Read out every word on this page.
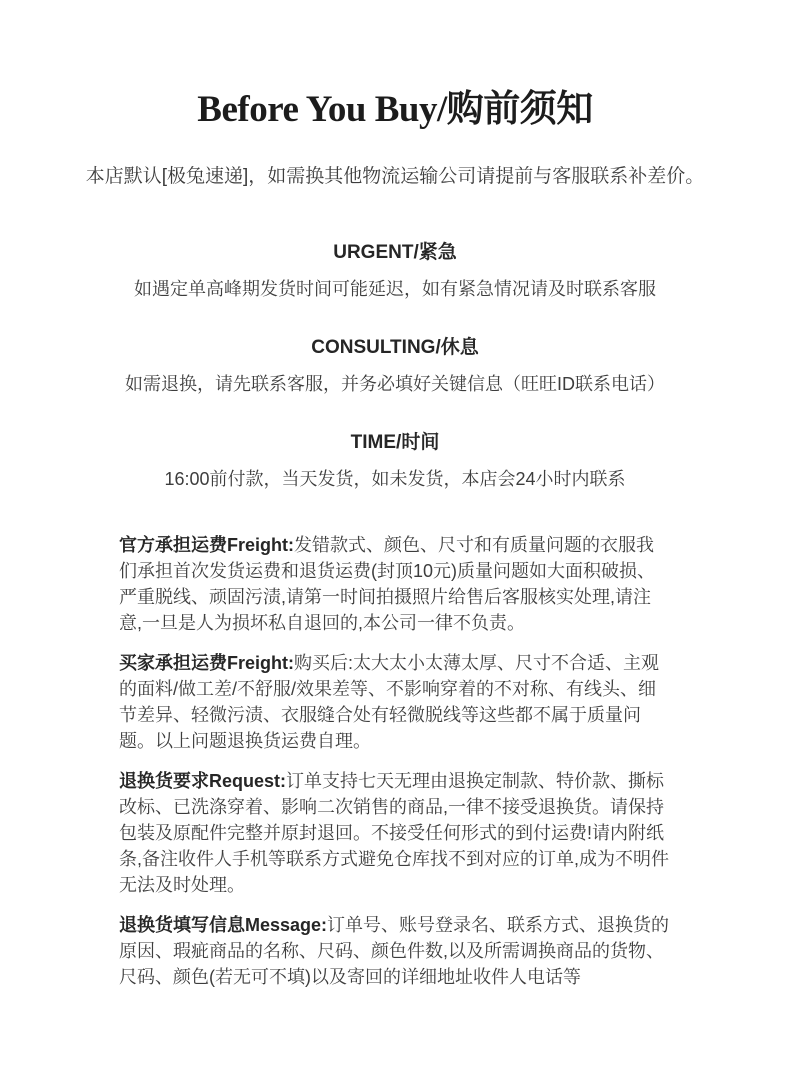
Before You Buy/购前须知

本店默认[极兔速递]，如需换其他物流运输公司请提前与客服联系补差价。

URGENT/紧急
如遇定单高峰期发货时间可能延迟，如有紧急情况请及时联系客服
CONSULTING/休息
如需退换，请先联系客服，并务必填好关键信息（旺旺ID联系电话）
TIME/时间
16:00前付款，当天发货，如未发货，本店会24小时内联系

官方承担运费Freight:发错款式、颜色、尺寸和有质量问题的衣服我们承担首次发货运费和退货运费(封顶10元)质量问题如大面积破损、严重脱线、顽固污渍,请第一时间拍摄照片给售后客服核实处理,请注意,一旦是人为损坏私自退回的,本公司一律不负责。

买家承担运费Freight:购买后:太大太小太薄太厚、尺寸不合适、主观的面料/做工差/不舒服/效果差等、不影响穿着的不对称、有线头、细节差异、轻微污渍、衣服缝合处有轻微脱线等这些都不属于质量问题。以上问题退换货运费自理。

退换货要求Request:订单支持七天无理由退换定制款、特价款、撕标改标、已洗涤穿着、影响二次销售的商品,一律不接受退换货。请保持包装及原配件完整并原封退回。不接受任何形式的到付运费!请内附纸条,备注收件人手机等联系方式避免仓库找不到对应的订单,成为不明件无法及时处理。

退换货填写信息Message:订单号、账号登录名、联系方式、退换货的原因、瑕疵商品的名称、尺码、颜色件数,以及所需调换商品的货物、尺码、颜色(若无可不填)以及寄回的详细地址收件人电话等
